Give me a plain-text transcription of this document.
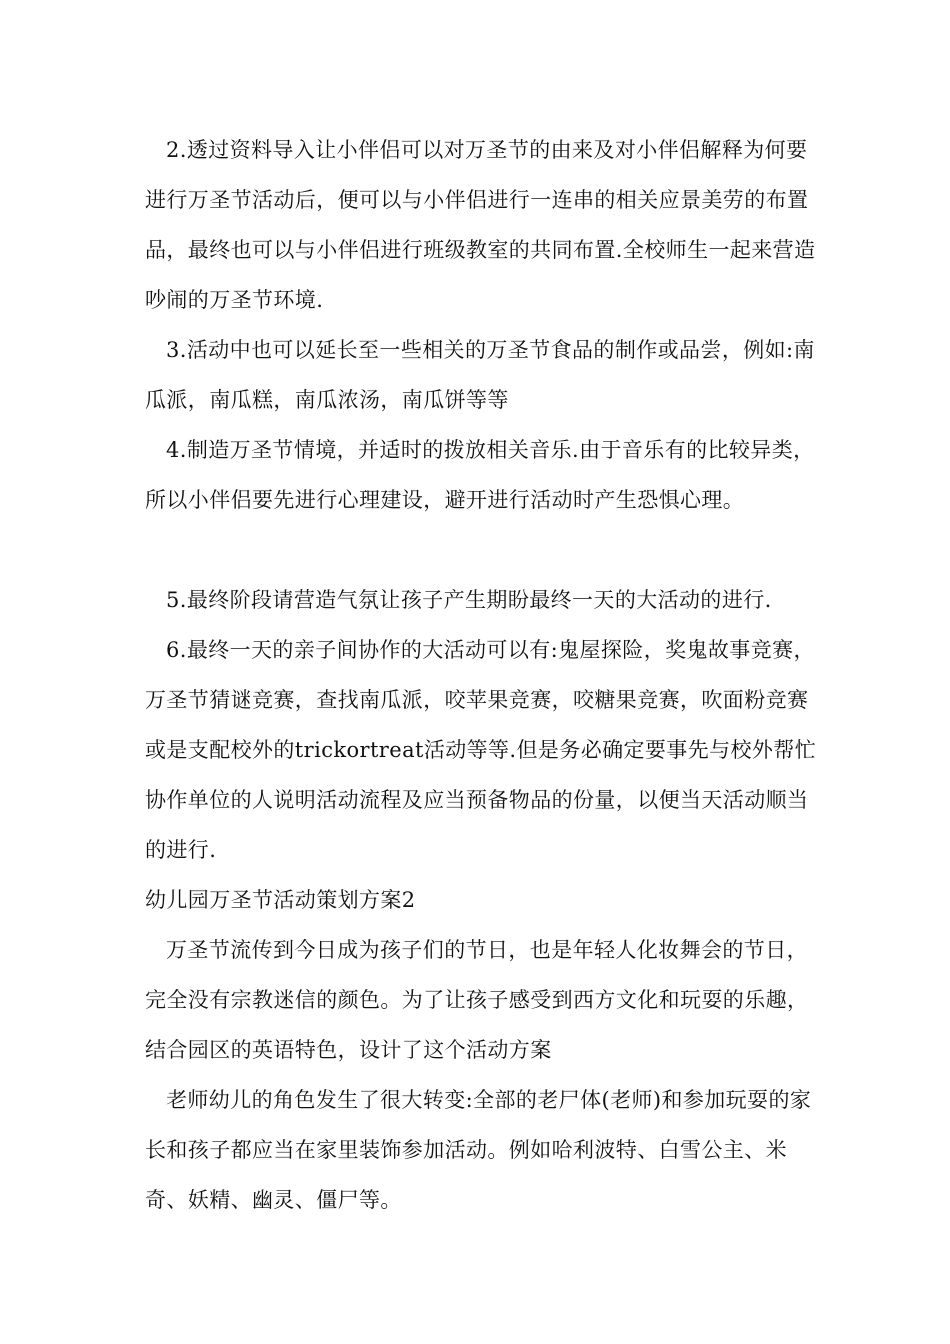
2.透过资料导入让小伴侣可以对万圣节的由来及对小伴侣解释为何要进行万圣节活动后，便可以与小伴侣进行一连串的相关应景美劳的布置品，最终也可以与小伴侣进行班级教室的共同布置.全校师生一起来营造吵闹的万圣节环境.

3.活动中也可以延长至一些相关的万圣节食品的制作或品尝，例如:南瓜派，南瓜糕，南瓜浓汤，南瓜饼等等

4.制造万圣节情境，并适时的拨放相关音乐.由于音乐有的比较异类，所以小伴侣要先进行心理建设，避开进行活动时产生恐惧心理。

5.最终阶段请营造气氛让孩子产生期盼最终一天的大活动的进行.

6.最终一天的亲子间协作的大活动可以有:鬼屋探险，奖鬼故事竞赛，万圣节猜谜竞赛，查找南瓜派，咬苹果竞赛，咬糖果竞赛，吹面粉竞赛或是支配校外的trickortreat活动等等.但是务必确定要事先与校外帮忙协作单位的人说明活动流程及应当预备物品的份量，以便当天活动顺当的进行.

幼儿园万圣节活动策划方案2

万圣节流传到今日成为孩子们的节日，也是年轻人化妆舞会的节日，完全没有宗教迷信的颜色。为了让孩子感受到西方文化和玩耍的乐趣，结合园区的英语特色，设计了这个活动方案

老师幼儿的角色发生了很大转变:全部的老尸体(老师)和参加玩耍的家长和孩子都应当在家里装饰参加活动。例如哈利波特、白雪公主、米奇、妖精、幽灵、僵尸等。
